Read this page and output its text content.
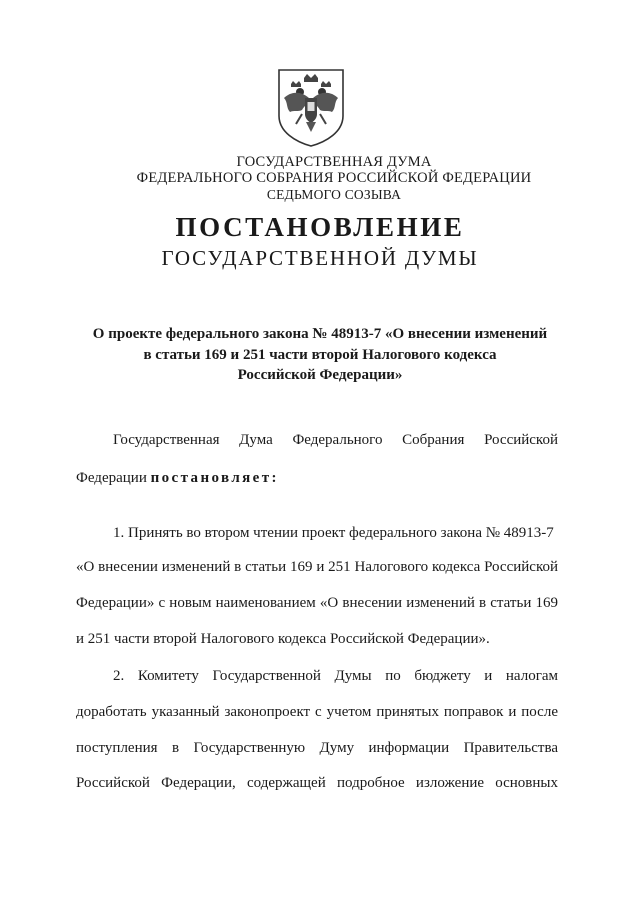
ГОСУДАРСТВЕННАЯ ДУМА
ФЕДЕРАЛЬНОГО СОБРАНИЯ РОССИЙСКОЙ ФЕДЕРАЦИИ
СЕДЬМОГО СОЗЫВА
ПОСТАНОВЛЕНИЕ
ГОСУДАРСТВЕННОЙ ДУМЫ
О проекте федерального закона № 48913-7 «О внесении изменений
в статьи 169 и 251 части второй Налогового кодекса
Российской Федерации»
Государственная Дума Федерального Собрания Российской
Федерации постановляет:
1. Принять во втором чтении проект федерального закона № 48913-7
«О внесении изменений в статьи 169 и 251 Налогового кодекса Российской
Федерации» с новым наименованием «О внесении изменений в статьи 169
и 251 части второй Налогового кодекса Российской Федерации».
2. Комитету Государственной Думы по бюджету и налогам
доработать указанный законопроект с учетом принятых поправок и после
поступления в Государственную Думу информации Правительства
Российской Федерации, содержащей подробное изложение основных
